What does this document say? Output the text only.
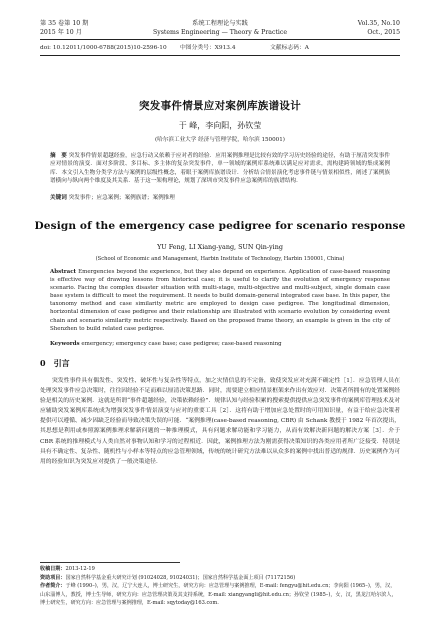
第 35 卷第 10 期	系统工程理论与实践	Vol.35, No.10
2015 年 10 月	Systems Engineering — Theory & Practice	Oct., 2015
doi: 10.12011/1000-6788(2015)10-2596-10 中图分类号：X913.4	文献标志码：A
突发事件情景应对案例库族谱设计
于 峰，李向阳，孙钦莹
(哈尔滨工业大学 经济与管理学院，哈尔滨 150001)
摘　要 突发事件情景超越经验，应急行动又依赖于应对者的经验．应用案例推理是比较有效的学习历史经验的途径，有助于厘清突发事件应对情景的演变．面对多阶段、多目标、多主体的复杂突发事件，单一领域的案例库系统难以满足应对需求，需构建跨领域的集成案例库．本文引入生物分类学方法与案例的层级性概念，着眼于案例库族谱设计．分析结合情景演化考虑事件链与情景相似性，阐述了案例族谱横向与纵向两个维度及其关系．基于这一架构理论，规划了深圳市突发事件应急案例库的族谱结构．
关键词 突发事件；应急案例；案例族谱；案例推理
Design of the emergency case pedigree for scenario response
YU Feng, LI Xiang-yang, SUN Qin-ying
(School of Economic and Management, Harbin Institute of Technology, Harbin 150001, China)
Abstract Emergencies beyond the experience, but they also depend on experience. Application of case-based reasoning is effective way of drawing lessons from historical case; it is useful to clarify the evolution of emergency response scenario. Facing the complex disaster situation with multi-stage, multi-objective and multi-subject, single domain case base system is difficult to meet the requirement. It needs to build domain-general integrated case base. In this paper, the taxonomy method and case similarity metric are employed to design case pedigree. The longitudinal dimension, horizontal dimension of case pedigree and their relationship are illustrated with scenario evolution by considering event chain and scenario similarity metric respectively. Based on the proposed frame theory, an example is given in the city of Shenzhen to build related case pedigree.
Keywords emergency; emergency case base; case pedigree; case-based reasoning
0　引言
突发性事件具有偶发性、突发性、破坏性与复杂性等特点，加之灾情信息的不完备，致使突发应对充满不确定性［1］．应急管理人员在处理突发事件应急决策时，往往因经验不足而难以厘清决策思路．同时，需要建立相应情景框架来作出有效应对．决策者所拥有的处置案例经验是相关的历史案例．这就是所谓“事件超越经验，决策依赖经验”．规律认知与经验积累的搜索提供提供应急突发事件的案例库管理技术及对应辅助突发案例库系统成为增强突发事件情景演变与应对的重要工具［2］．这将有助于增加应急处置时的可用知识量，有益于给应急决策者提供可以遵循、减少因缺乏经验而导致决策失误的可能．“案例推理(case-based reasoning, CBR) 由 Schank 教授于 1982 年首次提出，其思想是利用或参照源案例推理求解新问题的一种推理模式，具有问题求解功能和学习能力，从而有效解决新问题的解决方案［3］．介于 CBR 系统的推理模式与人类自然对事物认知和学习的过程相近．因此，案例推理方法为刚需获得决策知识的各类应用者所广泛接受．特别是具有不确定性、复杂性、随机性与小样本等特点的应急管理领域，传统的统计研究方法难以从众多的案例中找出普适的规律．历史案例作为可用的经验知识为突发应对提供了一般决策途径．
收稿日期：2013-12-19
资助项目：国家自然科学基金重大研究计划 (91024028, 91024031)；国家自然科学基金面上项目 (71172156)
作者简介：于峰 (1990–)，男，汉，辽宁大连人，博士研究生，研究方向：应急管理与案例推理，E-mail: fengyu@hit.edu.cn；李向阳 (1965–)，男，汉，山东淄博人，教授，博士生导师，研究方向：应急管理决策及其支持系统，E-mail: xiangyangli@hit.edu.cn；孙钦莹 (1985–)，女，汉，黑龙江哈尔滨人，博士研究生，研究方向：应急管理与案例推理，E-mail: sqytoday@163.com.
